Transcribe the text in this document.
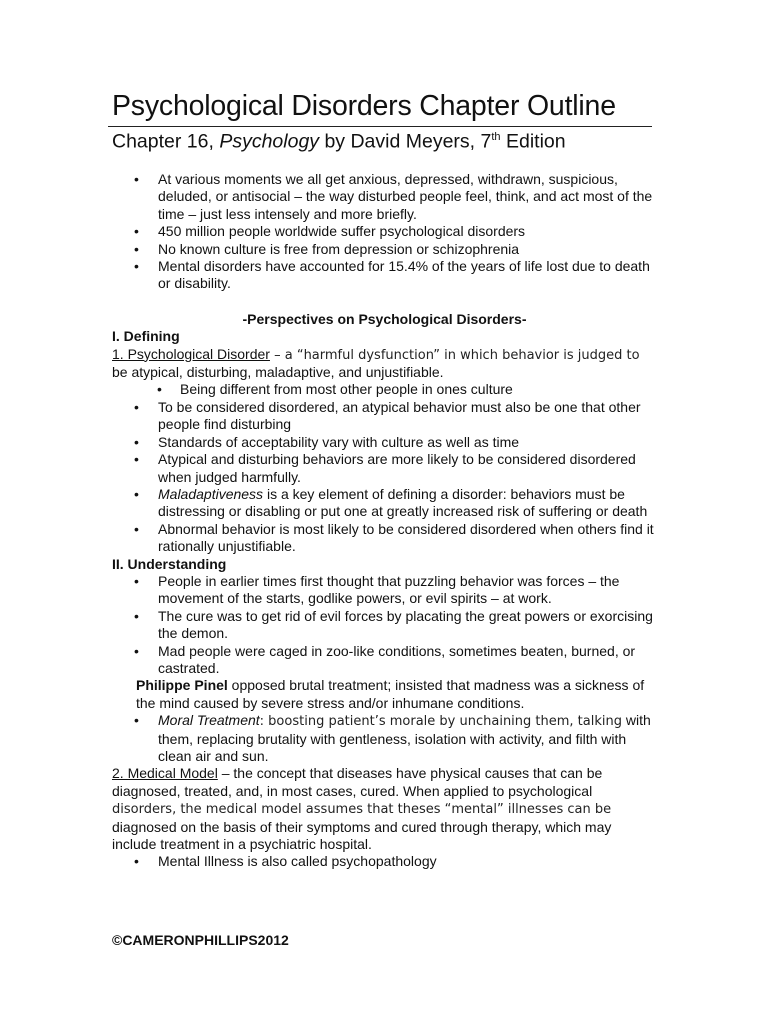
Psychological Disorders Chapter Outline
Chapter 16, Psychology by David Meyers, 7th Edition
• At various moments we all get anxious, depressed, withdrawn, suspicious, deluded, or antisocial – the way disturbed people feel, think, and act most of the time – just less intensely and more briefly.
• 450 million people worldwide suffer psychological disorders
• No known culture is free from depression or schizophrenia
• Mental disorders have accounted for 15.4% of the years of life lost due to death or disability.
-Perspectives on Psychological Disorders-
I. Defining
1. Psychological Disorder – a “harmful dysfunction” in which behavior is judged to
be atypical, disturbing, maladaptive, and unjustifiable.
• Being different from most other people in ones culture
• To be considered disordered, an atypical behavior must also be one that other people find disturbing
• Standards of acceptability vary with culture as well as time
• Atypical and disturbing behaviors are more likely to be considered disordered when judged harmfully.
• Maladaptiveness is a key element of defining a disorder: behaviors must be distressing or disabling or put one at greatly increased risk of suffering or death
• Abnormal behavior is most likely to be considered disordered when others find it rationally unjustifiable.
II. Understanding
• People in earlier times first thought that puzzling behavior was forces – the movement of the starts, godlike powers, or evil spirits – at work.
• The cure was to get rid of evil forces by placating the great powers or exorcising the demon.
• Mad people were caged in zoo-like conditions, sometimes beaten, burned, or castrated.
Philippe Pinel opposed brutal treatment; insisted that madness was a sickness of the mind caused by severe stress and/or inhumane conditions.
• Moral Treatment: boosting patient’s morale by unchaining them, talking with them, replacing brutality with gentleness, isolation with activity, and filth with clean air and sun.
2. Medical Model – the concept that diseases have physical causes that can be diagnosed, treated, and, in most cases, cured. When applied to psychological disorders, the medical model assumes that theses “mental” illnesses can be diagnosed on the basis of their symptoms and cured through therapy, which may include treatment in a psychiatric hospital.
• Mental Illness is also called psychopathology
©CAMERONPHILLIPS2012
